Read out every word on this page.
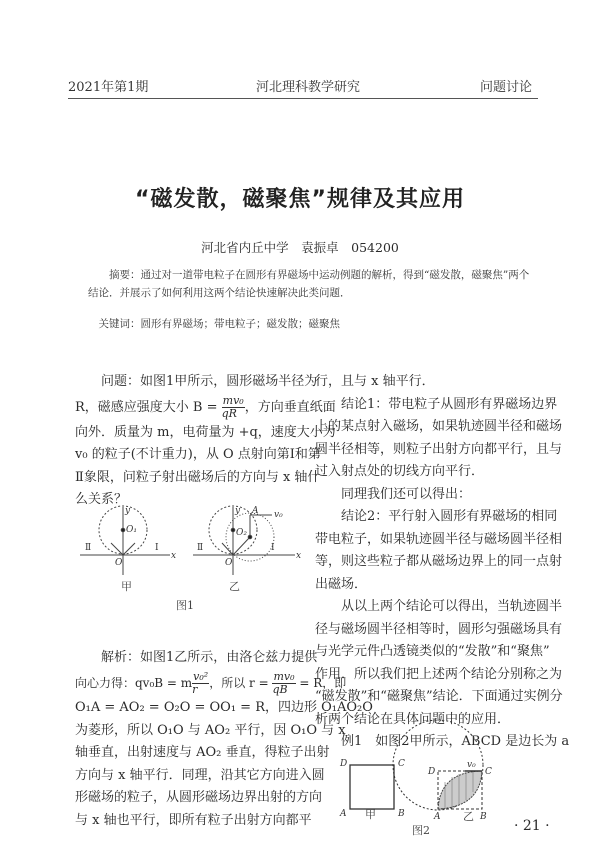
2021年第1期	河北理科教学研究	问题讨论
“磁发散，磁聚焦”规律及其应用
河北省内丘中学　袁振卓　054200
摘要：通过对一道带电粒子在圆形有界磁场中运动例题的解析，得到“磁发散，磁聚焦”两个
结论．并展示了如何利用这两个结论快速解决此类问题．
关键词：圆形有界磁场；带电粒子；磁发散；磁聚焦
问题：如图1甲所示，圆形磁场半径为
R，磁感应强度大小 $B = \frac{\text{mv₀}}{qR}$ ，方向垂直纸面
向外．质量为 m，电荷量为 +q，速度大小为
v₀ 的粒子(不计重力)，从 O 点射向第Ⅰ和第
Ⅱ象限，问粒子射出磁场后的方向与 x 轴什
么关系？
解析：如图1乙所示，由洛仑兹力提供
向心力得：qv₀B = m $\frac{\text{v₀²}}{r}$ ，所以 $r = \frac{\text{mv₀}}{qB} = R$，即
O₁A = AO₂ = O₂O = OO₁ = R，四边形 O₁AO₂O
为菱形，所以 O₁O 与 AO₂ 平行，因 O₁O 与 x
轴垂直，出射速度与 AO₂ 垂直，得粒子出射
方向与 x 轴平行．同理，沿其它方向进入圆
形磁场的粒子，从圆形磁场边界出射的方向
与 x 轴也平行，即所有粒子出射方向都平
y
x
O
O₁
Ⅰ
Ⅱ
y
x
O
O₂
A v₀
Ⅰ
Ⅱ
甲	乙
图1
行，且与 x 轴平行．
结论1：带电粒子从圆形有界磁场边界
上的某点射入磁场，如果轨迹圆半径和磁场
圆半径相等，则粒子出射方向都平行，且与
过入射点处的切线方向平行．
同理我们还可以得出：
结论2：平行射入圆形有界磁场的相同
带电粒子，如果轨迹圆半径与磁场圆半径相
等，则这些粒子都从磁场边界上的同一点射
出磁场．
从以上两个结论可以得出，当轨迹圆半
径与磁场圆半径相等时，圆形匀强磁场具有
与光学元件凸透镜类似的“发散”和“聚焦”
作用．所以我们把上述两个结论分别称之为
“磁发散”和“磁聚焦”结论．下面通过实例分
析两个结论在具体问题中的应用．
例1　如图2甲所示，ABCD 是边长为 a
D	C
A	B
D	C
A	B
v₀
甲	乙
图2	· 21 ·
